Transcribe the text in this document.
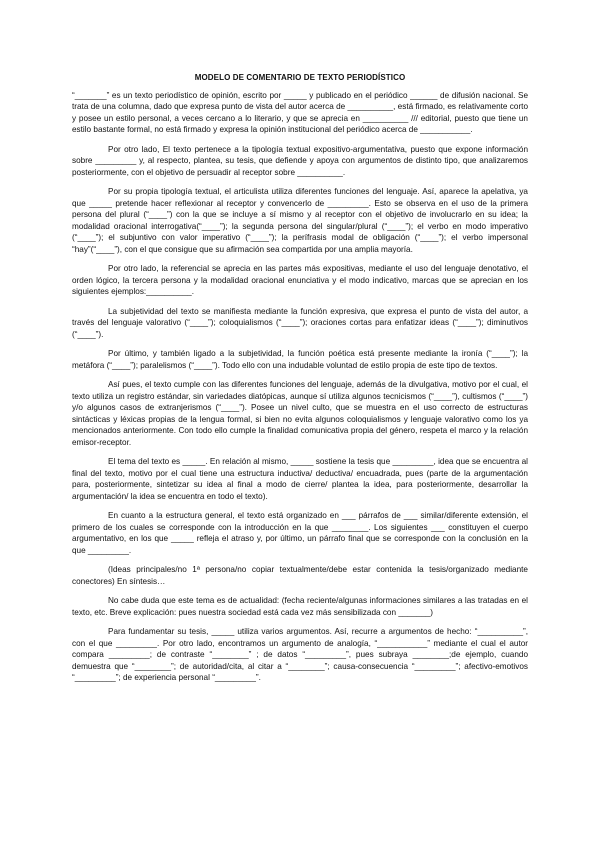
MODELO DE COMENTARIO DE TEXTO PERIODÍSTICO

“_______” es un texto periodístico de opinión, escrito por _____ y publicado en el periódico ______ de difusión nacional. Se trata de una columna, dado que expresa punto de vista del autor acerca de __________, está firmado, es relativamente corto y posee un estilo personal, a veces cercano a lo literario, y que se aprecia en __________ /// editorial, puesto que tiene un estilo bastante formal, no está firmado y expresa la opinión institucional del periódico acerca de ___________.

Por otro lado, El texto pertenece a la tipología textual expositivo-argumentativa, puesto que expone información sobre _________ y, al respecto, plantea, su tesis, que defiende y apoya con argumentos de distinto tipo, que analizaremos posteriormente, con el objetivo de persuadir al receptor sobre __________.

Por su propia tipología textual, el articulista utiliza diferentes funciones del lenguaje. Así, aparece la apelativa, ya que _____ pretende hacer reflexionar al receptor y convencerlo de _________. Esto se observa en el uso de la primera persona del plural (“____”) con la que se incluye a sí mismo y al receptor con el objetivo de involucrarlo en su idea; la modalidad oracional interrogativa(“____”); la segunda persona del singular/plural (“____”); el verbo en modo imperativo (“____”); el subjuntivo con valor imperativo (“____”); la perífrasis modal de obligación (“____”); el verbo impersonal “hay”(“____”), con el que consigue que su afirmación sea compartida por una amplia mayoría.

Por otro lado, la referencial se aprecia en las partes más expositivas, mediante el uso del lenguaje denotativo, el orden lógico, la tercera persona y la modalidad oracional enunciativa y el modo indicativo, marcas que se aprecian en los siguientes ejemplos:__________.

La subjetividad del texto se manifiesta mediante la función expresiva, que expresa el punto de vista del autor, a través del lenguaje valorativo (“____”); coloquialismos (“____”); oraciones cortas para enfatizar ideas (“____”); diminutivos (“____”).

Por último, y también ligado a la subjetividad, la función poética está presente mediante la ironía (“____”); la metáfora (“____”); paralelismos (“____”). Todo ello con una indudable voluntad de estilo propia de este tipo de textos.

Así pues, el texto cumple con las diferentes funciones del lenguaje, además de la divulgativa, motivo por el cual, el texto utiliza un registro estándar, sin variedades diatópicas, aunque sí utiliza algunos tecnicismos (“____”), cultismos (“____”) y/o algunos casos de extranjerismos (“____”). Posee un nivel culto, que se muestra en el uso correcto de estructuras sintácticas y léxicas propias de la lengua formal, si bien no evita algunos coloquialismos y lenguaje valorativo como los ya mencionados anteriormente. Con todo ello cumple la finalidad comunicativa propia del género, respeta el marco y la relación emisor-receptor.

El tema del texto es _____. En relación al mismo, _____ sostiene la tesis que _________, idea que se encuentra al final del texto, motivo por el cual tiene una estructura inductiva/ deductiva/ encuadrada, pues (parte de la argumentación para, posteriormente, sintetizar su idea al final a modo de cierre/ plantea la idea, para posteriormente, desarrollar la argumentación/ la idea se encuentra en todo el texto).

En cuanto a la estructura general, el texto está organizado en ___ párrafos de ___ similar/diferente extensión, el primero de los cuales se corresponde con la introducción en la que ________. Los siguientes ___ constituyen el cuerpo argumentativo, en los que _____ refleja el atraso y, por último, un párrafo final que se corresponde con la conclusión en la que _________.

(Ideas principales/no 1ª persona/no copiar textualmente/debe estar contenida la tesis/organizado mediante conectores) En síntesis…

No cabe duda que este tema es de actualidad: (fecha reciente/algunas informaciones similares a las tratadas en el texto, etc. Breve explicación: pues nuestra sociedad está cada vez más sensibilizada con _______)

Para fundamentar su tesis, _____ utiliza varios argumentos. Así, recurre a argumentos de hecho: “__________”, con el que _________. Por otro lado, encontramos un argumento de analogía, “___________” mediante el cual el autor compara _________; de contraste “________” ; de datos “_________”, pues subraya ________;de ejemplo, cuando demuestra que “________”; de autoridad/cita, al citar a “________”; causa-consecuencia “_________”; afectivo-emotivos “_________”; de experiencia personal “_________”.
